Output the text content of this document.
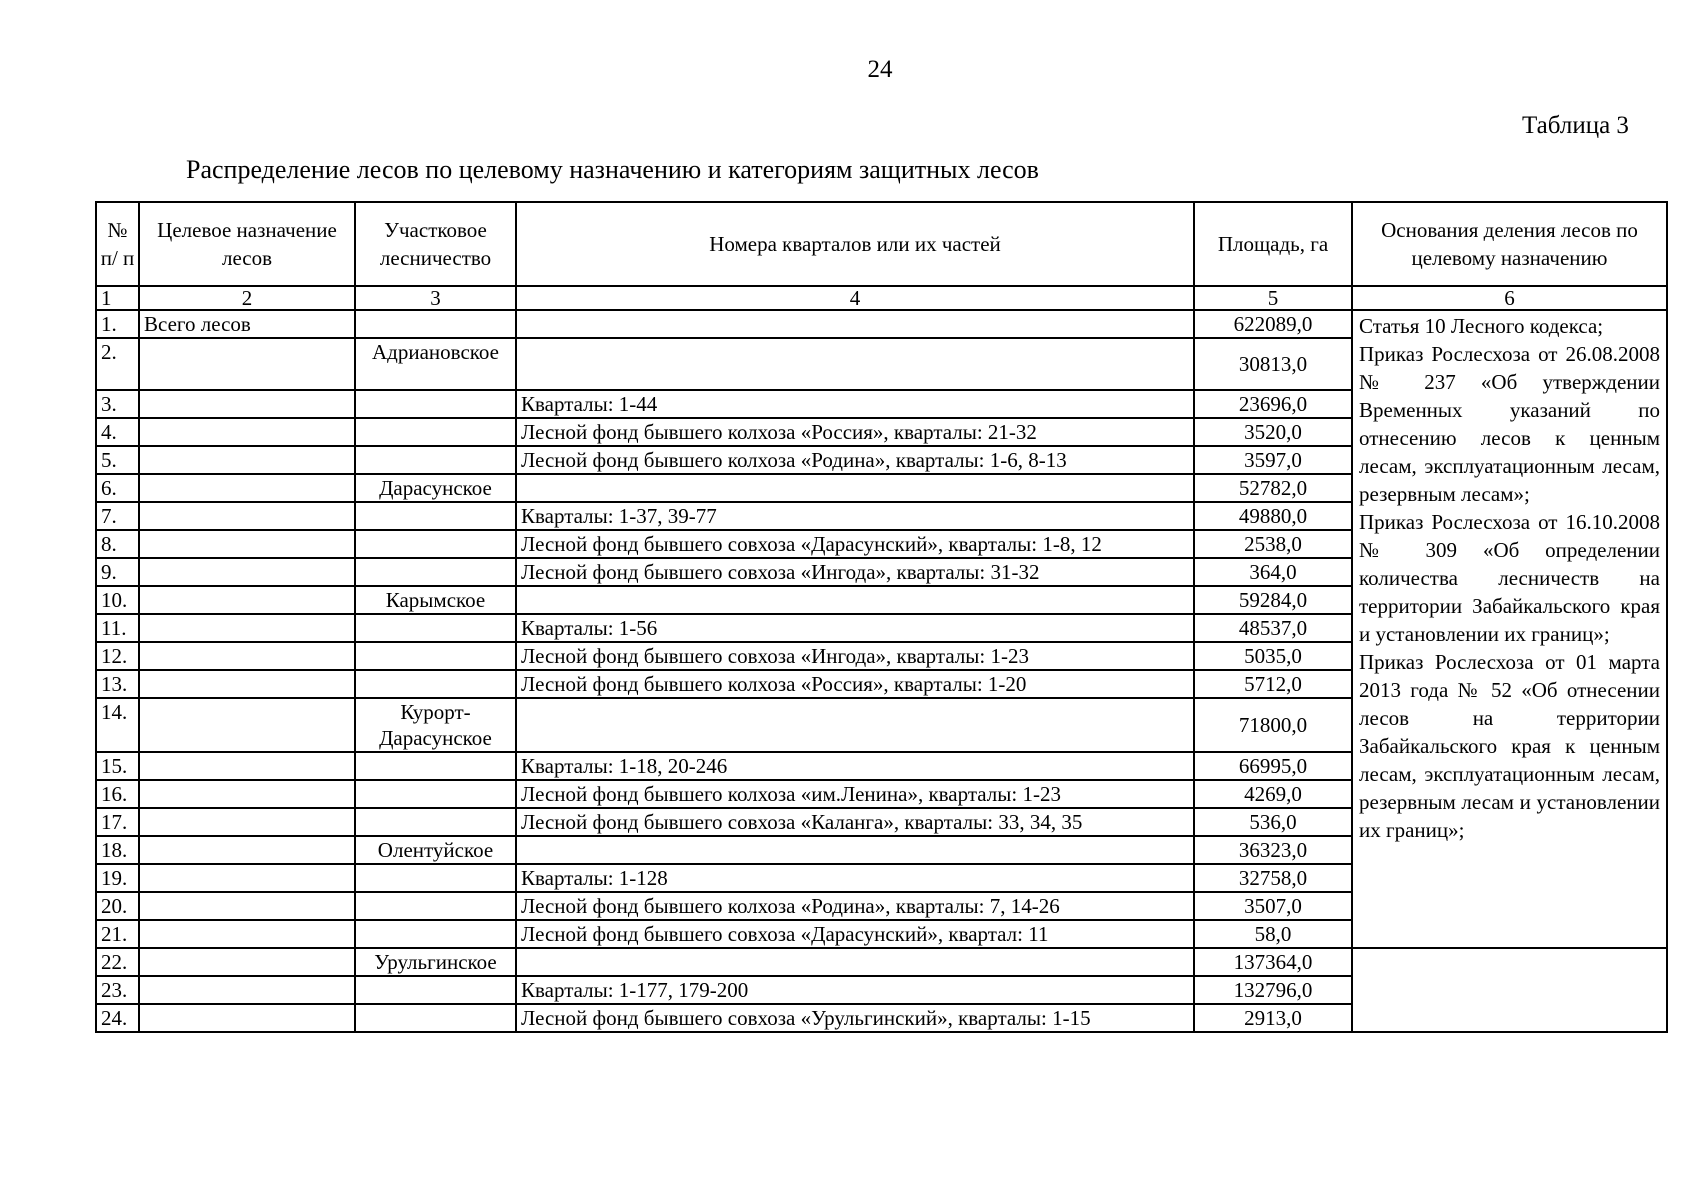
24
Таблица 3
Распределение лесов по целевому назначению и категориям защитных лесов
№ п/ п	Целевое назначение лесов	Участковое лесничество	Номера кварталов или их частей	Площадь, га	Основания деления лесов по целевому назначению
1	2	3	4	5	6
1.	Всего лесов			622089,0	Статья 10 Лесного кодекса;

Приказ Рослесхоза от 26.08.2008 № 237 «Об утверждении Временных указаний по отнесению лесов к ценным лесам, эксплуатационным лесам, резервным лесам»;

Приказ Рослесхоза от 16.10.2008 № 309 «Об определении количества лесничеств на территории Забайкальского края и установлении их границ»;

Приказ Рослесхоза от 01 марта 2013 года № 52 «Об отнесении лесов на территории Забайкальского края к ценным лесам, эксплуатационным лесам, резервным лесам и установлении их границ»;

2.		Адриановское		30813,0	
3.			Кварталы: 1-44	23696,0	
4.			Лесной фонд бывшего колхоза «Россия», кварталы: 21-32	3520,0	
5.			Лесной фонд бывшего колхоза «Родина», кварталы: 1-6, 8-13	3597,0	
6.		Дарасунское		52782,0	
7.			Кварталы: 1-37, 39-77	49880,0	
8.			Лесной фонд бывшего совхоза «Дарасунский», кварталы: 1-8, 12	2538,0	
9.			Лесной фонд бывшего совхоза «Ингода», кварталы: 31-32	364,0	
10.		Карымское		59284,0	
11.			Кварталы: 1-56	48537,0	
12.			Лесной фонд бывшего совхоза «Ингода», кварталы: 1-23	5035,0	
13.			Лесной фонд бывшего колхоза «Россия», кварталы: 1-20	5712,0	
14.		Курорт-Дарасунское		71800,0	
15.			Кварталы: 1-18, 20-246	66995,0	
16.			Лесной фонд бывшего колхоза «им.Ленина», кварталы: 1-23	4269,0	
17.			Лесной фонд бывшего совхоза «Каланга», кварталы: 33, 34, 35	536,0	
18.		Олентуйское		36323,0	
19.			Кварталы: 1-128	32758,0	
20.			Лесной фонд бывшего колхоза «Родина», кварталы: 7, 14-26	3507,0	
21.			Лесной фонд бывшего совхоза «Дарасунский», квартал: 11	58,0	
22.		Урульгинское		137364,0	
23.			Кварталы: 1-177, 179-200	132796,0	
24.			Лесной фонд бывшего совхоза «Урульгинский», кварталы: 1-15	2913,0	
